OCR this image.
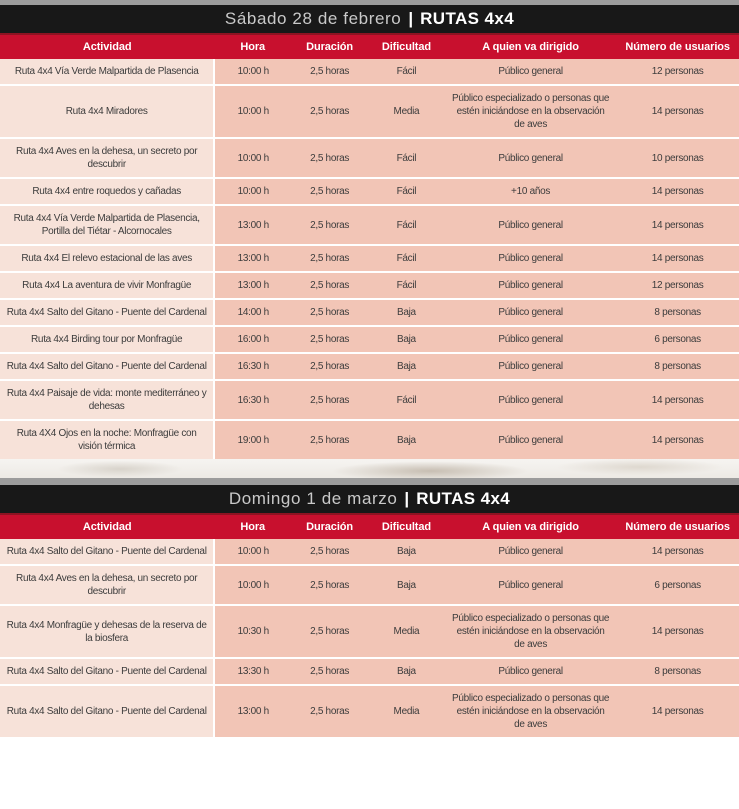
Sábado 28 de febrero | RUTAS 4x4
Actividad	Hora	Duración	Dificultad	A quien va dirigido	Número de usuarios
Ruta 4x4 Vía Verde Malpartida de Plasencia	10:00 h	2,5 horas	Fácil	Público general	12 personas
Ruta 4x4 Miradores	10:00 h	2,5 horas	Media	Público especializado o personas que estén iniciándose en la observación de aves	14 personas
Ruta 4x4 Aves en la dehesa, un secreto por descubrir	10:00 h	2,5 horas	Fácil	Público general	10 personas
Ruta 4x4 entre roquedos y cañadas	10:00 h	2,5 horas	Fácil	+10 años	14 personas
Ruta 4x4 Vía Verde Malpartida de Plasencia, Portilla del Tiétar - Alcornocales	13:00 h	2,5 horas	Fácil	Público general	14 personas
Ruta 4x4 El relevo estacional de las aves	13:00 h	2,5 horas	Fácil	Público general	14 personas
Ruta 4x4 La aventura de vivir Monfragüe	13:00 h	2,5 horas	Fácil	Público general	12 personas
Ruta 4x4 Salto del Gitano - Puente del Cardenal	14:00 h	2,5 horas	Baja	Público general	8 personas
Ruta 4x4 Birding tour por Monfragüe	16:00 h	2,5 horas	Baja	Público general	6 personas
Ruta 4x4 Salto del Gitano - Puente del Cardenal	16:30 h	2,5 horas	Baja	Público general	8 personas
Ruta 4x4 Paisaje de vida: monte mediterráneo y dehesas	16:30 h	2,5 horas	Fácil	Público general	14 personas
Ruta 4X4 Ojos en la noche: Monfragüe con visión térmica	19:00 h	2,5 horas	Baja	Público general	14 personas
Domingo 1 de marzo | RUTAS 4x4
Actividad	Hora	Duración	Dificultad	A quien va dirigido	Número de usuarios
Ruta 4x4 Salto del Gitano - Puente del Cardenal	10:00 h	2,5 horas	Baja	Público general	14 personas
Ruta 4x4 Aves en la dehesa, un secreto por descubrir	10:00 h	2,5 horas	Baja	Público general	6 personas
Ruta 4x4 Monfragüe y dehesas de la reserva de la biosfera	10:30 h	2,5 horas	Media	Público especializado o personas que estén iniciándose en la observación de aves	14 personas
Ruta 4x4 Salto del Gitano - Puente del Cardenal	13:30 h	2,5 horas	Baja	Público general	8 personas
Ruta 4x4 Salto del Gitano - Puente del Cardenal	13:00 h	2,5 horas	Media	Público especializado o personas que estén iniciándose en la observación de aves	14 personas
